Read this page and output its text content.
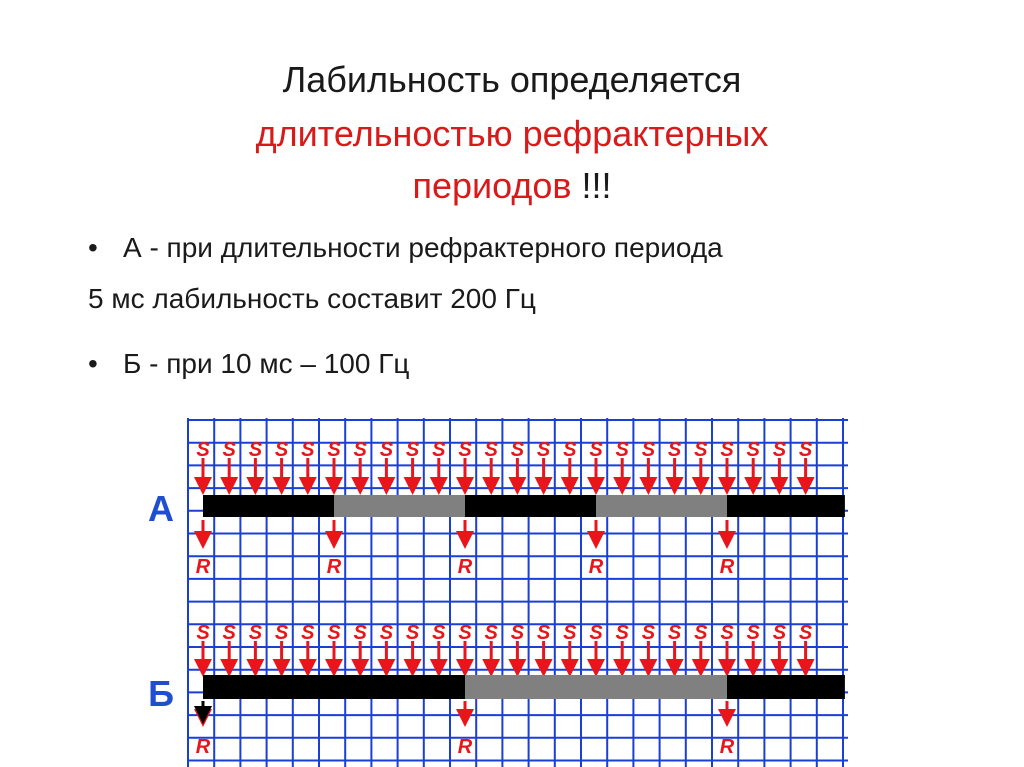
Лабильность определяется
длительностью рефрактерных
периодов !!!
• А - при длительности рефрактерного периода
5 мс лабильность составит 200 Гц
• Б - при 10 мс – 100 Гц
А
S S S S S S S S S S S S S S S S S S S S S S S S
R	R	R	R	R
Б
S S S S S S S S S S S S S S S S S S S S S S S S
R	R	R
